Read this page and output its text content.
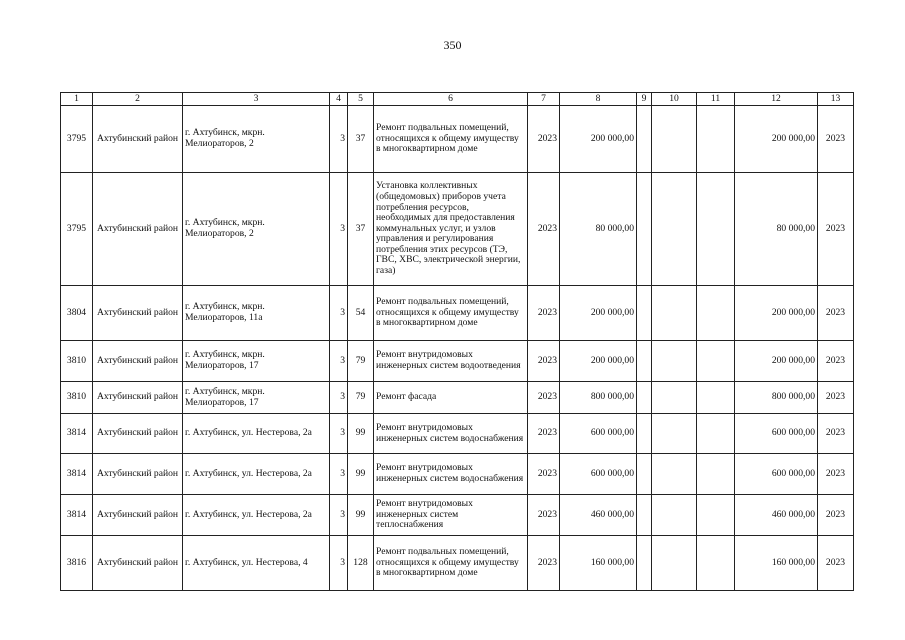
350
1	2	3	4	5	6	7	8	9	10	11	12	13
3795	Ахтубинский район	г. Ахтубинск, мкрн. Мелиораторов, 2	3	37	Ремонт подвальных помещений, относящихся к общему имуществу в многоквартирном доме	2023	200 000,00				200 000,00	2023
3795	Ахтубинский район	г. Ахтубинск, мкрн. Мелиораторов, 2	3	37	Установка коллективных (общедомовых) приборов учета потребления ресурсов, необходимых для предоставления коммунальных услуг, и узлов управления и регулирования потребления этих ресурсов (ТЭ, ГВС, ХВС, электрической энергии, газа)	2023	80 000,00				80 000,00	2023
3804	Ахтубинский район	г. Ахтубинск, мкрн. Мелиораторов, 11а	3	54	Ремонт подвальных помещений, относящихся к общему имуществу в многоквартирном доме	2023	200 000,00				200 000,00	2023
3810	Ахтубинский район	г. Ахтубинск, мкрн. Мелиораторов, 17	3	79	Ремонт внутридомовых инженерных систем водоотведения	2023	200 000,00				200 000,00	2023
3810	Ахтубинский район	г. Ахтубинск, мкрн. Мелиораторов, 17	3	79	Ремонт фасада	2023	800 000,00				800 000,00	2023
3814	Ахтубинский район	г. Ахтубинск, ул. Нестерова, 2а	3	99	Ремонт внутридомовых инженерных систем водоснабжения	2023	600 000,00				600 000,00	2023
3814	Ахтубинский район	г. Ахтубинск, ул. Нестерова, 2а	3	99	Ремонт внутридомовых инженерных систем водоснабжения	2023	600 000,00				600 000,00	2023
3814	Ахтубинский район	г. Ахтубинск, ул. Нестерова, 2а	3	99	Ремонт внутридомовых инженерных систем теплоснабжения	2023	460 000,00				460 000,00	2023
3816	Ахтубинский район	г. Ахтубинск, ул. Нестерова, 4	3	128	Ремонт подвальных помещений, относящихся к общему имуществу в многоквартирном доме	2023	160 000,00				160 000,00	2023
